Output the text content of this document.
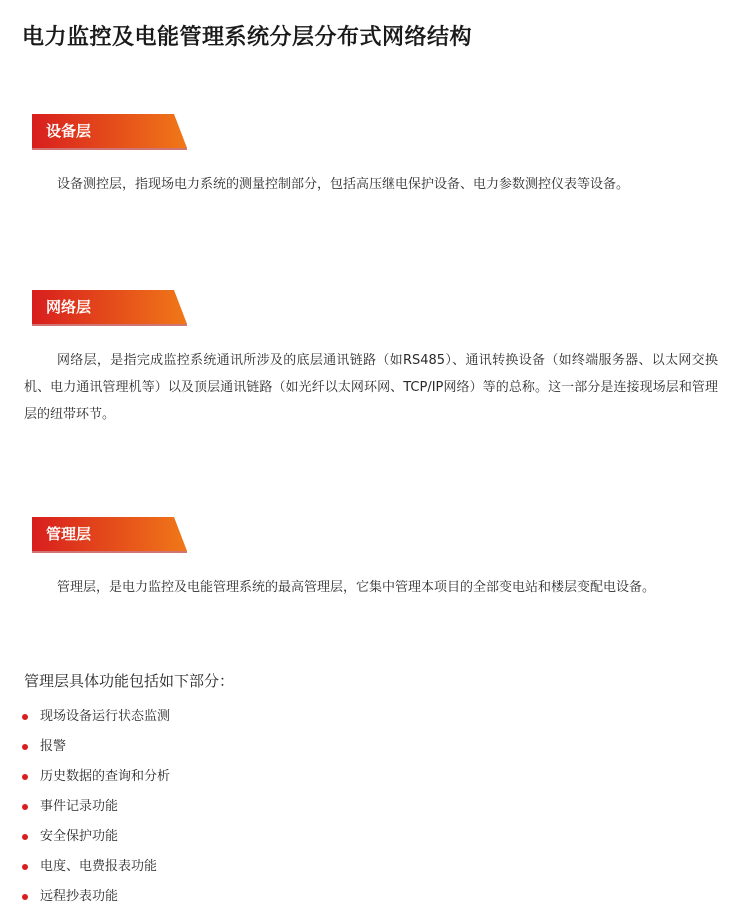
电力监控及电能管理系统分层分布式网络结构
设备层

设备测控层，指现场电力系统的测量控制部分，包括高压继电保护设备、电力参数测控仪表等设备。

网络层

网络层，是指完成监控系统通讯所涉及的底层通讯链路（如RS485）、通讯转换设备（如终端服务器、以太网交换机、电力通讯管理机等）以及顶层通讯链路（如光纤以太网环网、TCP/IP网络）等的总称。这一部分是连接现场层和管理层的纽带环节。

管理层

管理层，是电力监控及电能管理系统的最高管理层，它集中管理本项目的全部变电站和楼层变配电设备。

管理层具体功能包括如下部分：
现场设备运行状态监测
报警
历史数据的查询和分析
事件记录功能
安全保护功能
电度、电费报表功能
远程抄表功能
